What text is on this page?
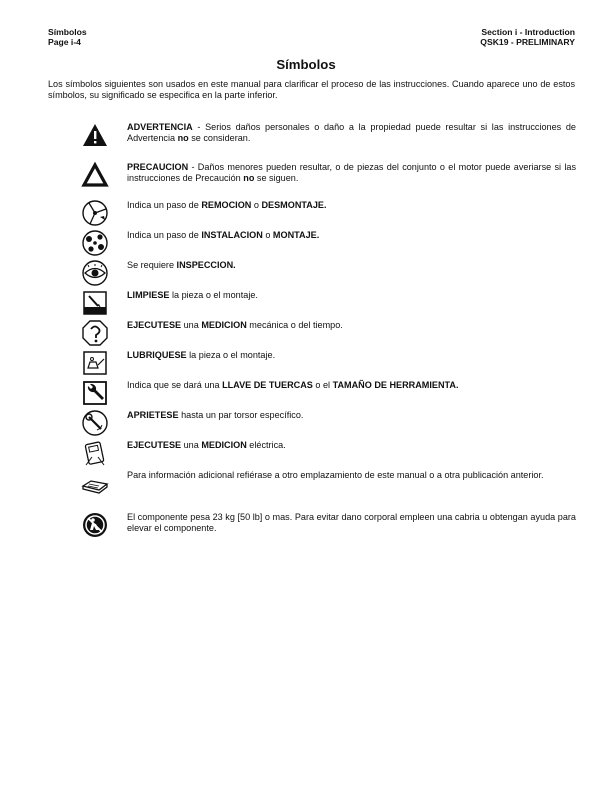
Símbolos
Page i-4
Section i - Introduction
QSK19 - PRELIMINARY
Símbolos
Los símbolos siguientes son usados en este manual para clarificar el proceso de las instrucciones. Cuando aparece uno de estos símbolos, su significado se especifica en la parte inferior.
ADVERTENCIA - Serios daños personales o daño a la propiedad puede resultar si las instrucciones de Advertencia no se consideran.
PRECAUCION - Daños menores pueden resultar, o de piezas del conjunto o el motor puede averiarse si las instrucciones de Precaución no se siguen.
Indica un paso de REMOCION o DESMONTAJE.
Indica un paso de INSTALACION o MONTAJE.
Se requiere INSPECCION.
LIMPIESE la pieza o el montaje.
EJECUTESE una MEDICION mecánica o del tiempo.
LUBRIQUESE la pieza o el montaje.
Indica que se dará una LLAVE DE TUERCAS o el TAMAÑO DE HERRAMIENTA.
APRIETESE hasta un par torsor específico.
EJECUTESE una MEDICION eléctrica.
Para información adicional refiérase a otro emplazamiento de este manual o a otra publicación anterior.
El componente pesa 23 kg [50 lb] o mas. Para evitar dano corporal empleen una cabria u obtengan ayuda para elevar el componente.
